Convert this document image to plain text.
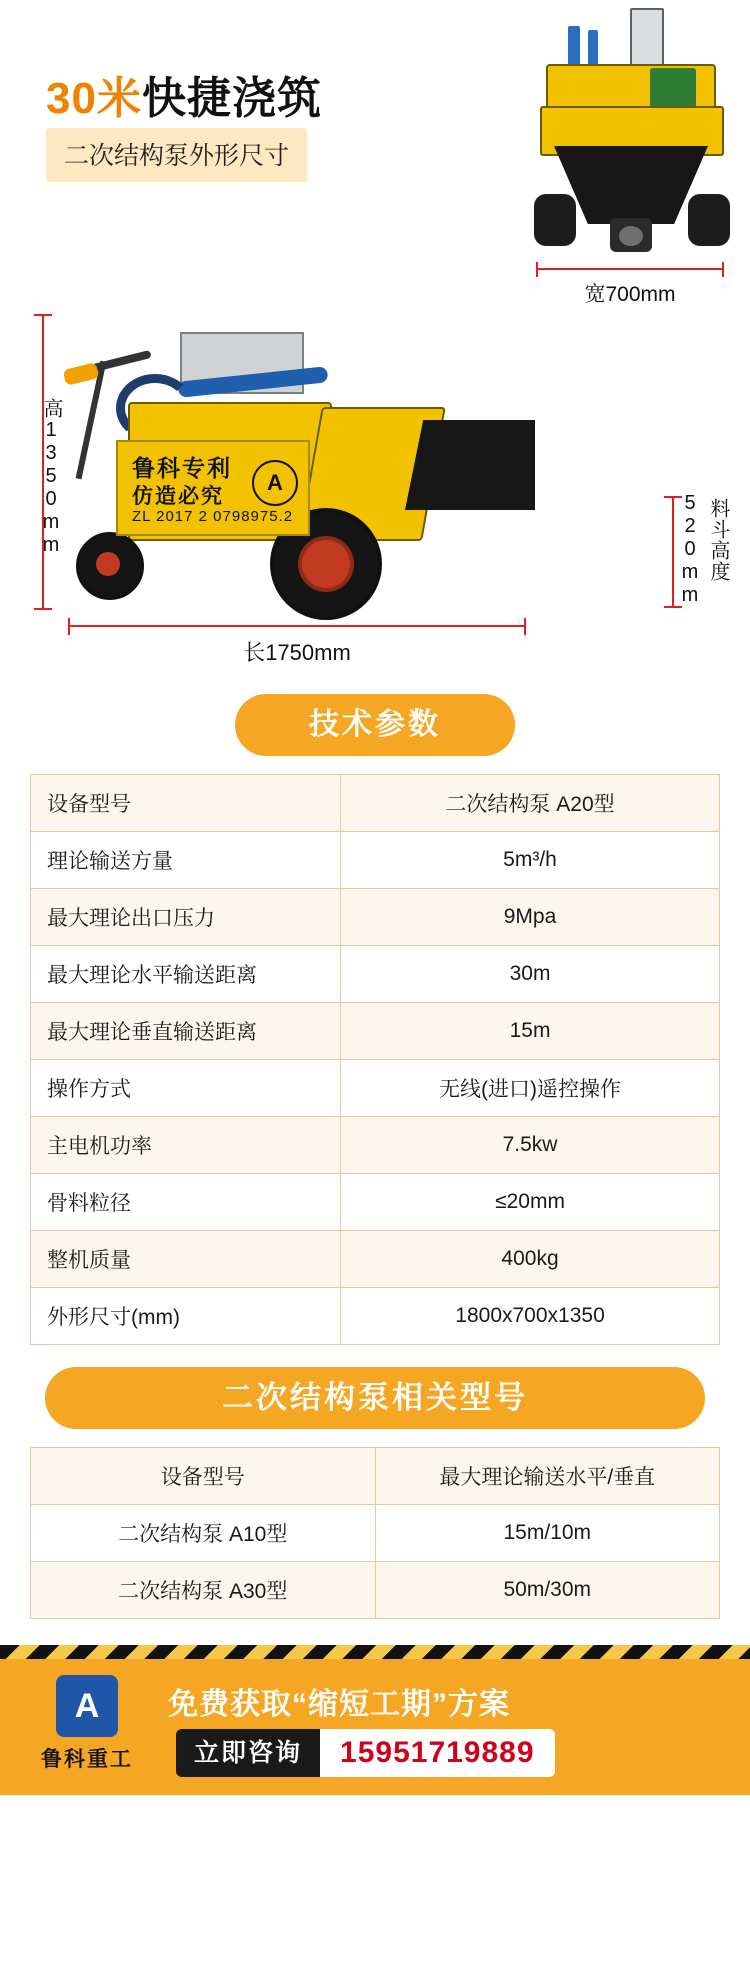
30米快捷浇筑
二次结构泵外形尺寸
宽700mm
高1350mm	鲁科专利
仿造必究
ZL 2017 2 0798975.2
A
520mm 料斗高度
长1750mm
技术参数
设备型号	二次结构泵 A20型
理论输送方量	5m³/h
最大理论出口压力	9Mpa
最大理论水平输送距离	30m
最大理论垂直输送距离	15m
操作方式	无线(进口)遥控操作
主电机功率	7.5kw
骨料粒径	≤20mm
整机质量	400kg
外形尺寸(mm)	1800x700x1350
二次结构泵相关型号
设备型号	最大理论输送水平/垂直
二次结构泵 A10型	15m/10m
二次结构泵 A30型	50m/30m
A
鲁科重工
免费获取“缩短工期”方案
立即咨询	15951719889
